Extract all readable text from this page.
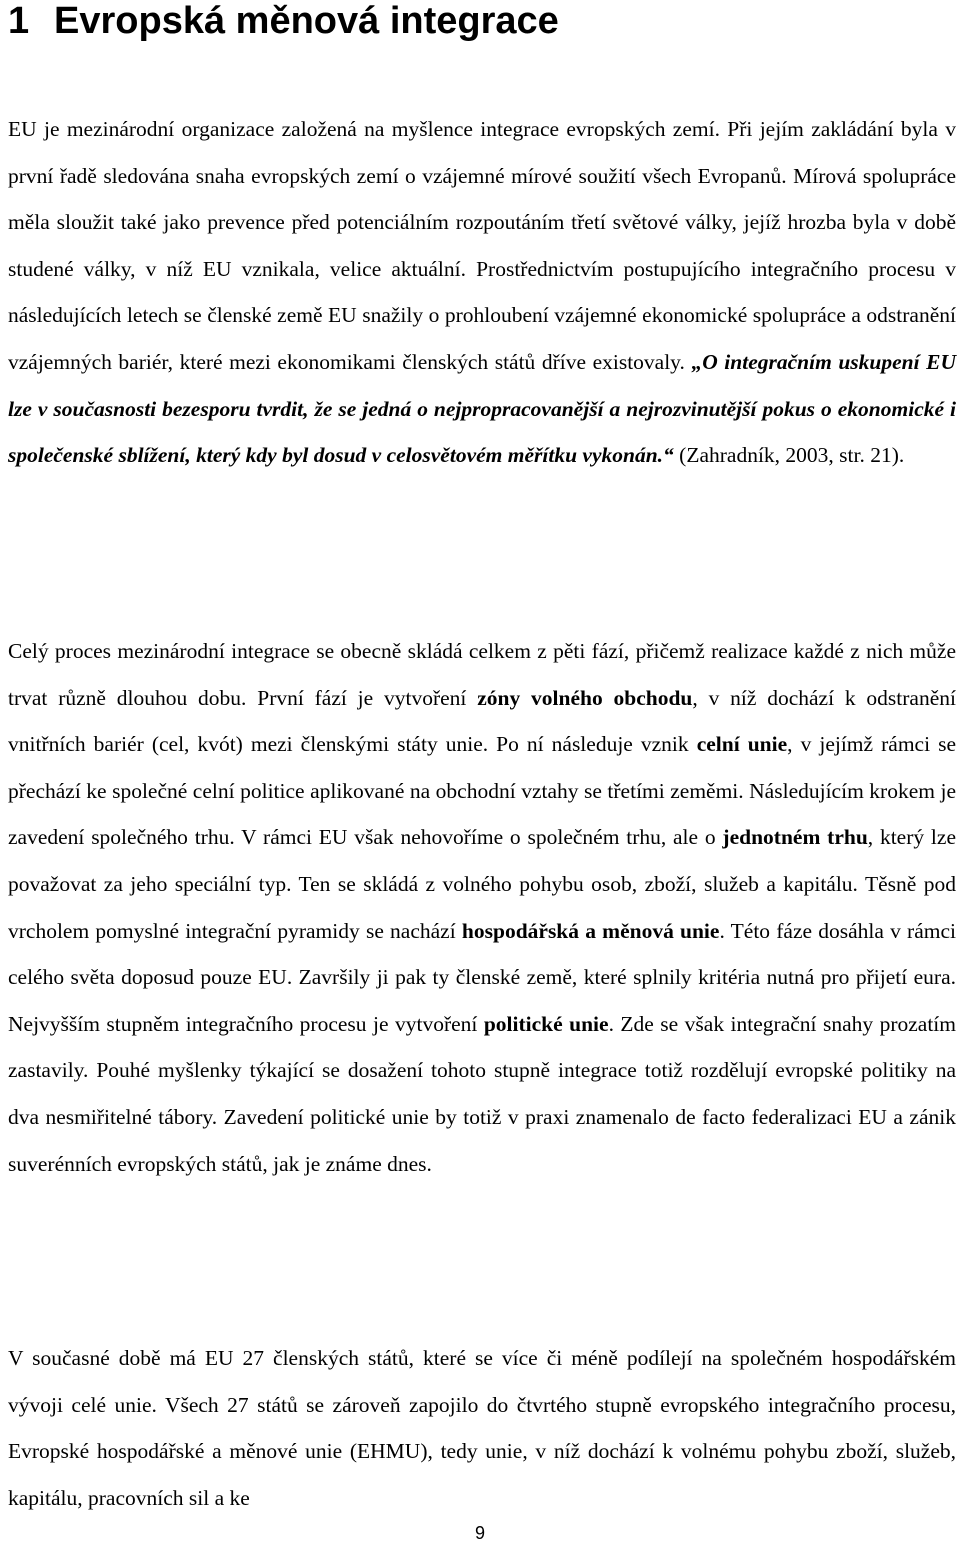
1 Evropská měnová integrace

EU je mezinárodní organizace založená na myšlence integrace evropských zemí. Při jejím zakládání byla v první řadě sledována snaha evropských zemí o vzájemné mírové soužití všech Evropanů. Mírová spolupráce měla sloužit také jako prevence před potenciálním rozpoutáním třetí světové války, jejíž hrozba byla v době studené války, v níž EU vznikala, velice aktuální. Prostřednictvím postupujícího integračního procesu v následujících letech se členské země EU snažily o prohloubení vzájemné ekonomické spolupráce a odstranění vzájemných bariér, které mezi ekonomikami členských států dříve existovaly. „O integračním uskupení EU lze v současnosti bezesporu tvrdit, že se jedná o nejpropracovanější a nejrozvinutější pokus o ekonomické i společenské sblížení, který kdy byl dosud v celosvětovém měřítku vykonán.“ (Zahradník, 2003, str. 21).

Celý proces mezinárodní integrace se obecně skládá celkem z pěti fází, přičemž realizace každé z nich může trvat různě dlouhou dobu. První fází je vytvoření zóny volného obchodu, v níž dochází k odstranění vnitřních bariér (cel, kvót) mezi členskými státy unie. Po ní následuje vznik celní unie, v jejímž rámci se přechází ke společné celní politice aplikované na obchodní vztahy se třetími zeměmi. Následujícím krokem je zavedení společného trhu. V rámci EU však nehovoříme o společném trhu, ale o jednotném trhu, který lze považovat za jeho speciální typ. Ten se skládá z volného pohybu osob, zboží, služeb a kapitálu. Těsně pod vrcholem pomyslné integrační pyramidy se nachází hospodářská a měnová unie. Této fáze dosáhla v rámci celého světa doposud pouze EU. Završily ji pak ty členské země, které splnily kritéria nutná pro přijetí eura. Nejvyšším stupněm integračního procesu je vytvoření politické unie. Zde se však integrační snahy prozatím zastavily. Pouhé myšlenky týkající se dosažení tohoto stupně integrace totiž rozdělují evropské politiky na dva nesmiřitelné tábory. Zavedení politické unie by totiž v praxi znamenalo de facto federalizaci EU a zánik suverénních evropských států, jak je známe dnes.

V současné době má EU 27 členských států, které se více či méně podílejí na společném hospodářském vývoji celé unie. Všech 27 států se zároveň zapojilo do čtvrtého stupně evropského integračního procesu, Evropské hospodářské a měnové unie (EHMU), tedy unie, v níž dochází k volnému pohybu zboží, služeb, kapitálu, pracovních sil a ke

9
